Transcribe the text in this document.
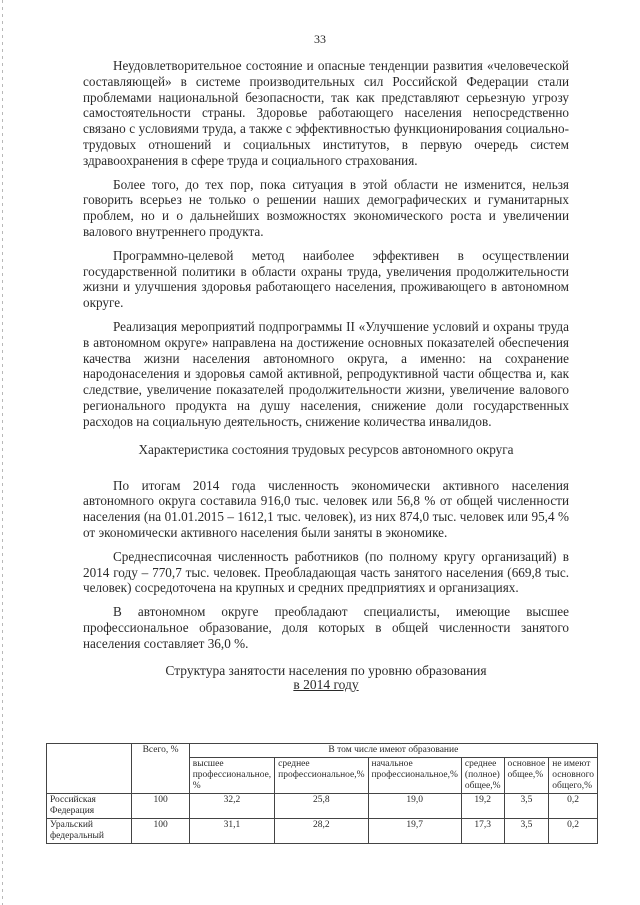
33

Неудовлетворительное состояние и опасные тенденции развития «человеческой составляющей» в системе производительных сил Российской Федерации стали проблемами национальной безопасности, так как представляют серьезную угрозу самостоятельности страны. Здоровье работающего населения непосредственно связано с условиями труда, а также с эффективностью функционирования социально-трудовых отношений и социальных институтов, в первую очередь систем здравоохранения в сфере труда и социального страхования.

Более того, до тех пор, пока ситуация в этой области не изменится, нельзя говорить всерьез не только о решении наших демографических и гуманитарных проблем, но и о дальнейших возможностях экономического роста и увеличении валового внутреннего продукта.

Программно-целевой метод наиболее эффективен в осуществлении государственной политики в области охраны труда, увеличения продолжительности жизни и улучшения здоровья работающего населения, проживающего в автономном округе.

Реализация мероприятий подпрограммы II «Улучшение условий и охраны труда в автономном округе» направлена на достижение основных показателей обеспечения качества жизни населения автономного округа, а именно: на сохранение народонаселения и здоровья самой активной, репродуктивной части общества и, как следствие, увеличение показателей продолжительности жизни, увеличение валового регионального продукта на душу населения, снижение доли государственных расходов на социальную деятельность, снижение количества инвалидов.

Характеристика состояния трудовых ресурсов автономного округа

По итогам 2014 года численность экономически активного населения автономного округа составила 916,0 тыс. человек или 56,8 % от общей численности населения (на 01.01.2015 – 1612,1 тыс. человек), из них 874,0 тыс. человек или 95,4 % от экономически активного населения были заняты в экономике.

Среднесписочная численность работников (по полному кругу организаций) в 2014 году – 770,7 тыс. человек. Преобладающая часть занятого населения (669,8 тыс. человек) сосредоточена на крупных и средних предприятиях и организациях.

В автономном округе преобладают специалисты, имеющие высшее профессиональное образование, доля которых в общей численности занятого населения составляет 36,0 %.

Структура занятости населения по уровню образования
в 2014 году
	Всего, %	В том числе имеют образование					
		высшее профессиональное, %	среднее профессиональное,%	начальное профессиональное,%	среднее (полное) общее,%	основное общее,%	не имеют основного общего,%
Российская Федерация	100	32,2	25,8	19,0	19,2	3,5	0,2
Уральский федеральный	100	31,1	28,2	19,7	17,3	3,5	0,2
